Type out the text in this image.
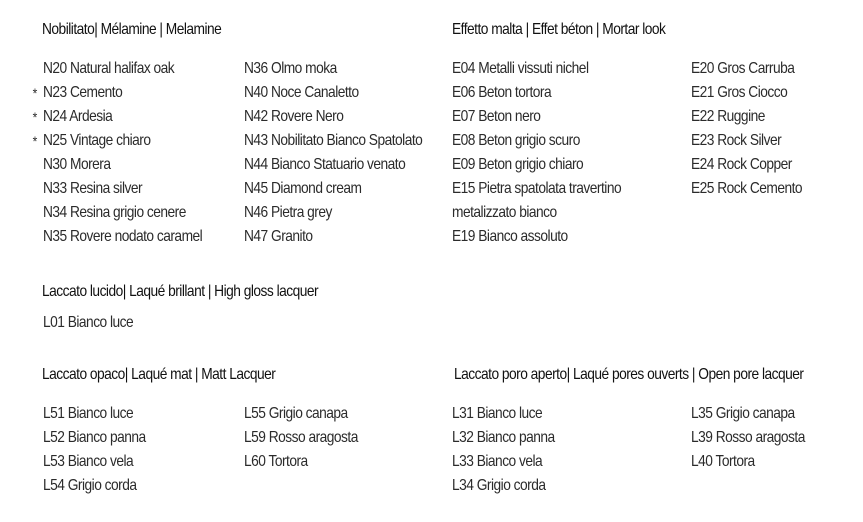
Nobilitato| Mélamine | Melamine
N20 Natural halifax oak
* N23 Cemento
* N24 Ardesia
* N25 Vintage chiaro
N30 Morera
N33 Resina silver
N34 Resina grigio cenere
N35 Rovere nodato caramel
N36 Olmo moka
N40 Noce Canaletto
N42 Rovere Nero
N43 Nobilitato Bianco Spatolato
N44 Bianco Statuario venato
N45 Diamond cream
N46 Pietra grey
N47 Granito
Effetto malta | Effet béton | Mortar look
E04 Metalli vissuti nichel
E06 Beton tortora
E07 Beton nero
E08 Beton grigio scuro
E09 Beton grigio chiaro
E15 Pietra spatolata travertino
metalizzato bianco
E19 Bianco assoluto
E20 Gros Carruba
E21 Gros Ciocco
E22 Ruggine
E23 Rock Silver
E24 Rock Copper
E25 Rock Cemento
Laccato lucido| Laqué brillant | High gloss lacquer
L01 Bianco luce
Laccato opaco| Laqué mat | Matt Lacquer
L51 Bianco luce
L52 Bianco panna
L53 Bianco vela
L54 Grigio corda
L55 Grigio canapa
L59 Rosso aragosta
L60 Tortora
Laccato poro aperto| Laqué pores ouverts | Open pore lacquer
L31 Bianco luce
L32 Bianco panna
L33 Bianco vela
L34 Grigio corda
L35 Grigio canapa
L39 Rosso aragosta
L40 Tortora
